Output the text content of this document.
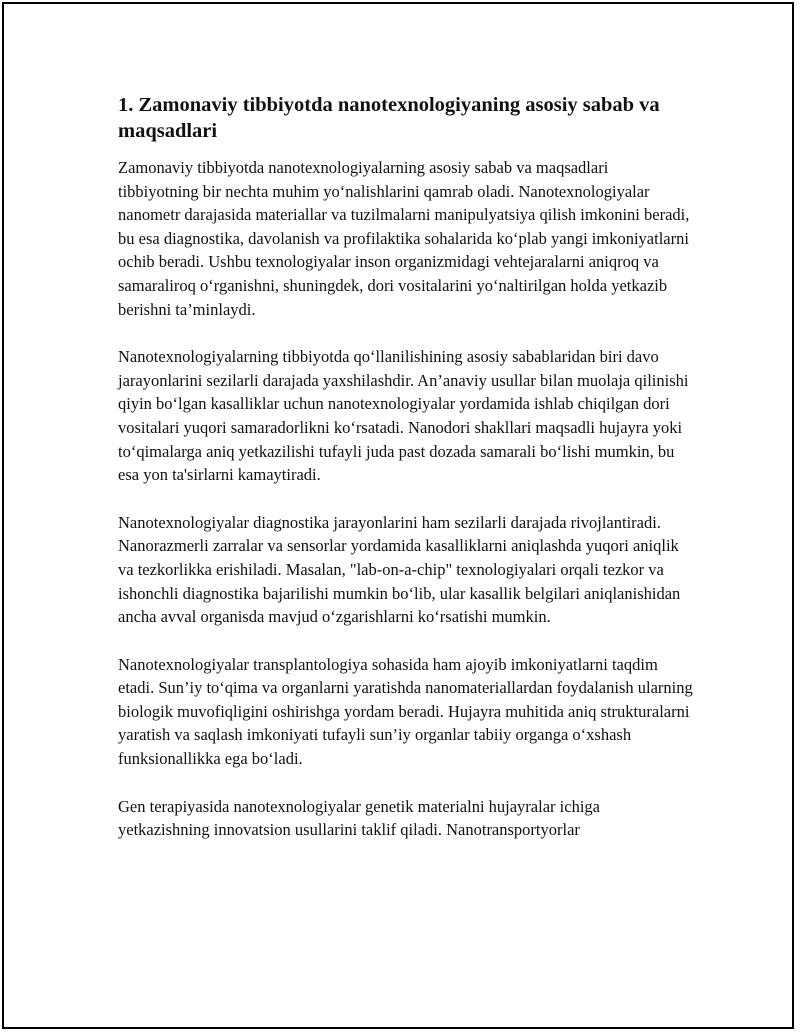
1. Zamonaviy tibbiyotda nanotexnologiyaning asosiy sabab va maqsadlari

Zamonaviy tibbiyotda nanotexnologiyalarning asosiy sabab va maqsadlari tibbiyotning bir nechta muhim yo‘nalishlarini qamrab oladi. Nanotexnologiyalar nanometr darajasida materiallar va tuzilmalarni manipulyatsiya qilish imkonini beradi, bu esa diagnostika, davolanish va profilaktika sohalarida ko‘plab yangi imkoniyatlarni ochib beradi. Ushbu texnologiyalar inson organizmidagi vehtejaralarni aniqroq va samaraliroq o‘rganishni, shuningdek, dori vositalarini yo‘naltirilgan holda yetkazib berishni ta’minlaydi.

Nanotexnologiyalarning tibbiyotda qo‘llanilishining asosiy sabablaridan biri davo jarayonlarini sezilarli darajada yaxshilashdir. An’anaviy usullar bilan muolaja qilinishi qiyin bo‘lgan kasalliklar uchun nanotexnologiyalar yordamida ishlab chiqilgan dori vositalari yuqori samaradorlikni ko‘rsatadi. Nanodori shakllari maqsadli hujayra yoki to‘qimalarga aniq yetkazilishi tufayli juda past dozada samarali bo‘lishi mumkin, bu esa yon ta'sirlarni kamaytiradi.

Nanotexnologiyalar diagnostika jarayonlarini ham sezilarli darajada rivojlantiradi. Nanorazmerli zarralar va sensorlar yordamida kasalliklarni aniqlashda yuqori aniqlik va tezkorlikka erishiladi. Masalan, "lab-on-a-chip" texnologiyalari orqali tezkor va ishonchli diagnostika bajarilishi mumkin bo‘lib, ular kasallik belgilari aniqlanishidan ancha avval organisda mavjud o‘zgarishlarni ko‘rsatishi mumkin.

Nanotexnologiyalar transplantologiya sohasida ham ajoyib imkoniyatlarni taqdim etadi. Sun’iy to‘qima va organlarni yaratishda nanomateriallardan foydalanish ularning biologik muvofiqligini oshirishga yordam beradi. Hujayra muhitida aniq strukturalarni yaratish va saqlash imkoniyati tufayli sun’iy organlar tabiiy organga o‘xshash funksionallikka ega bo‘ladi.

Gen terapiyasida nanotexnologiyalar genetik materialni hujayralar ichiga yetkazishning innovatsion usullarini taklif qiladi. Nanotransportyorlar
